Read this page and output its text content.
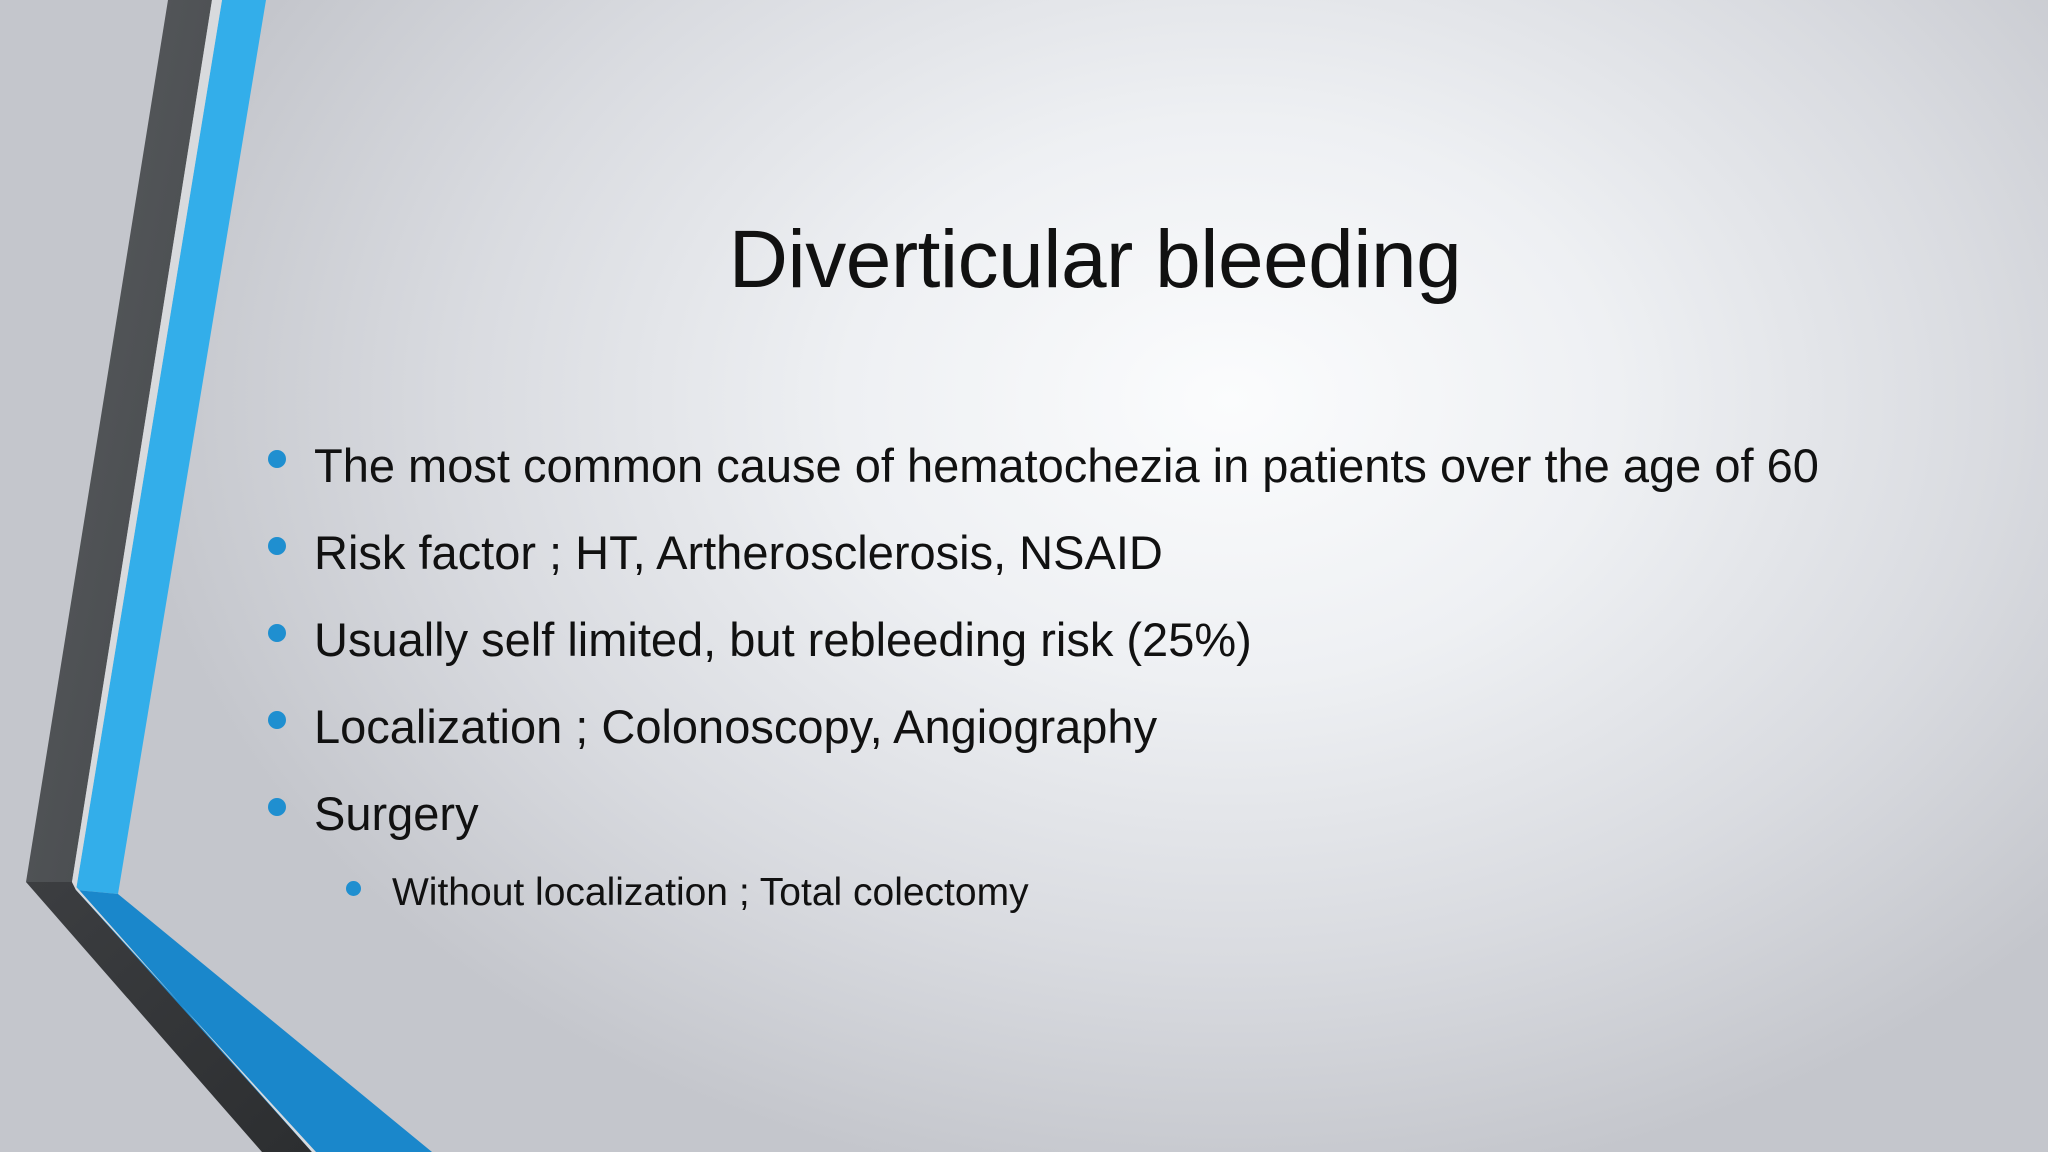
Diverticular bleeding
The most common cause of hematochezia in patients over the age of 60
Risk factor ; HT, Artherosclerosis, NSAID
Usually self limited, but rebleeding risk (25%)
Localization ; Colonoscopy, Angiography
Surgery
Without localization ; Total colectomy
